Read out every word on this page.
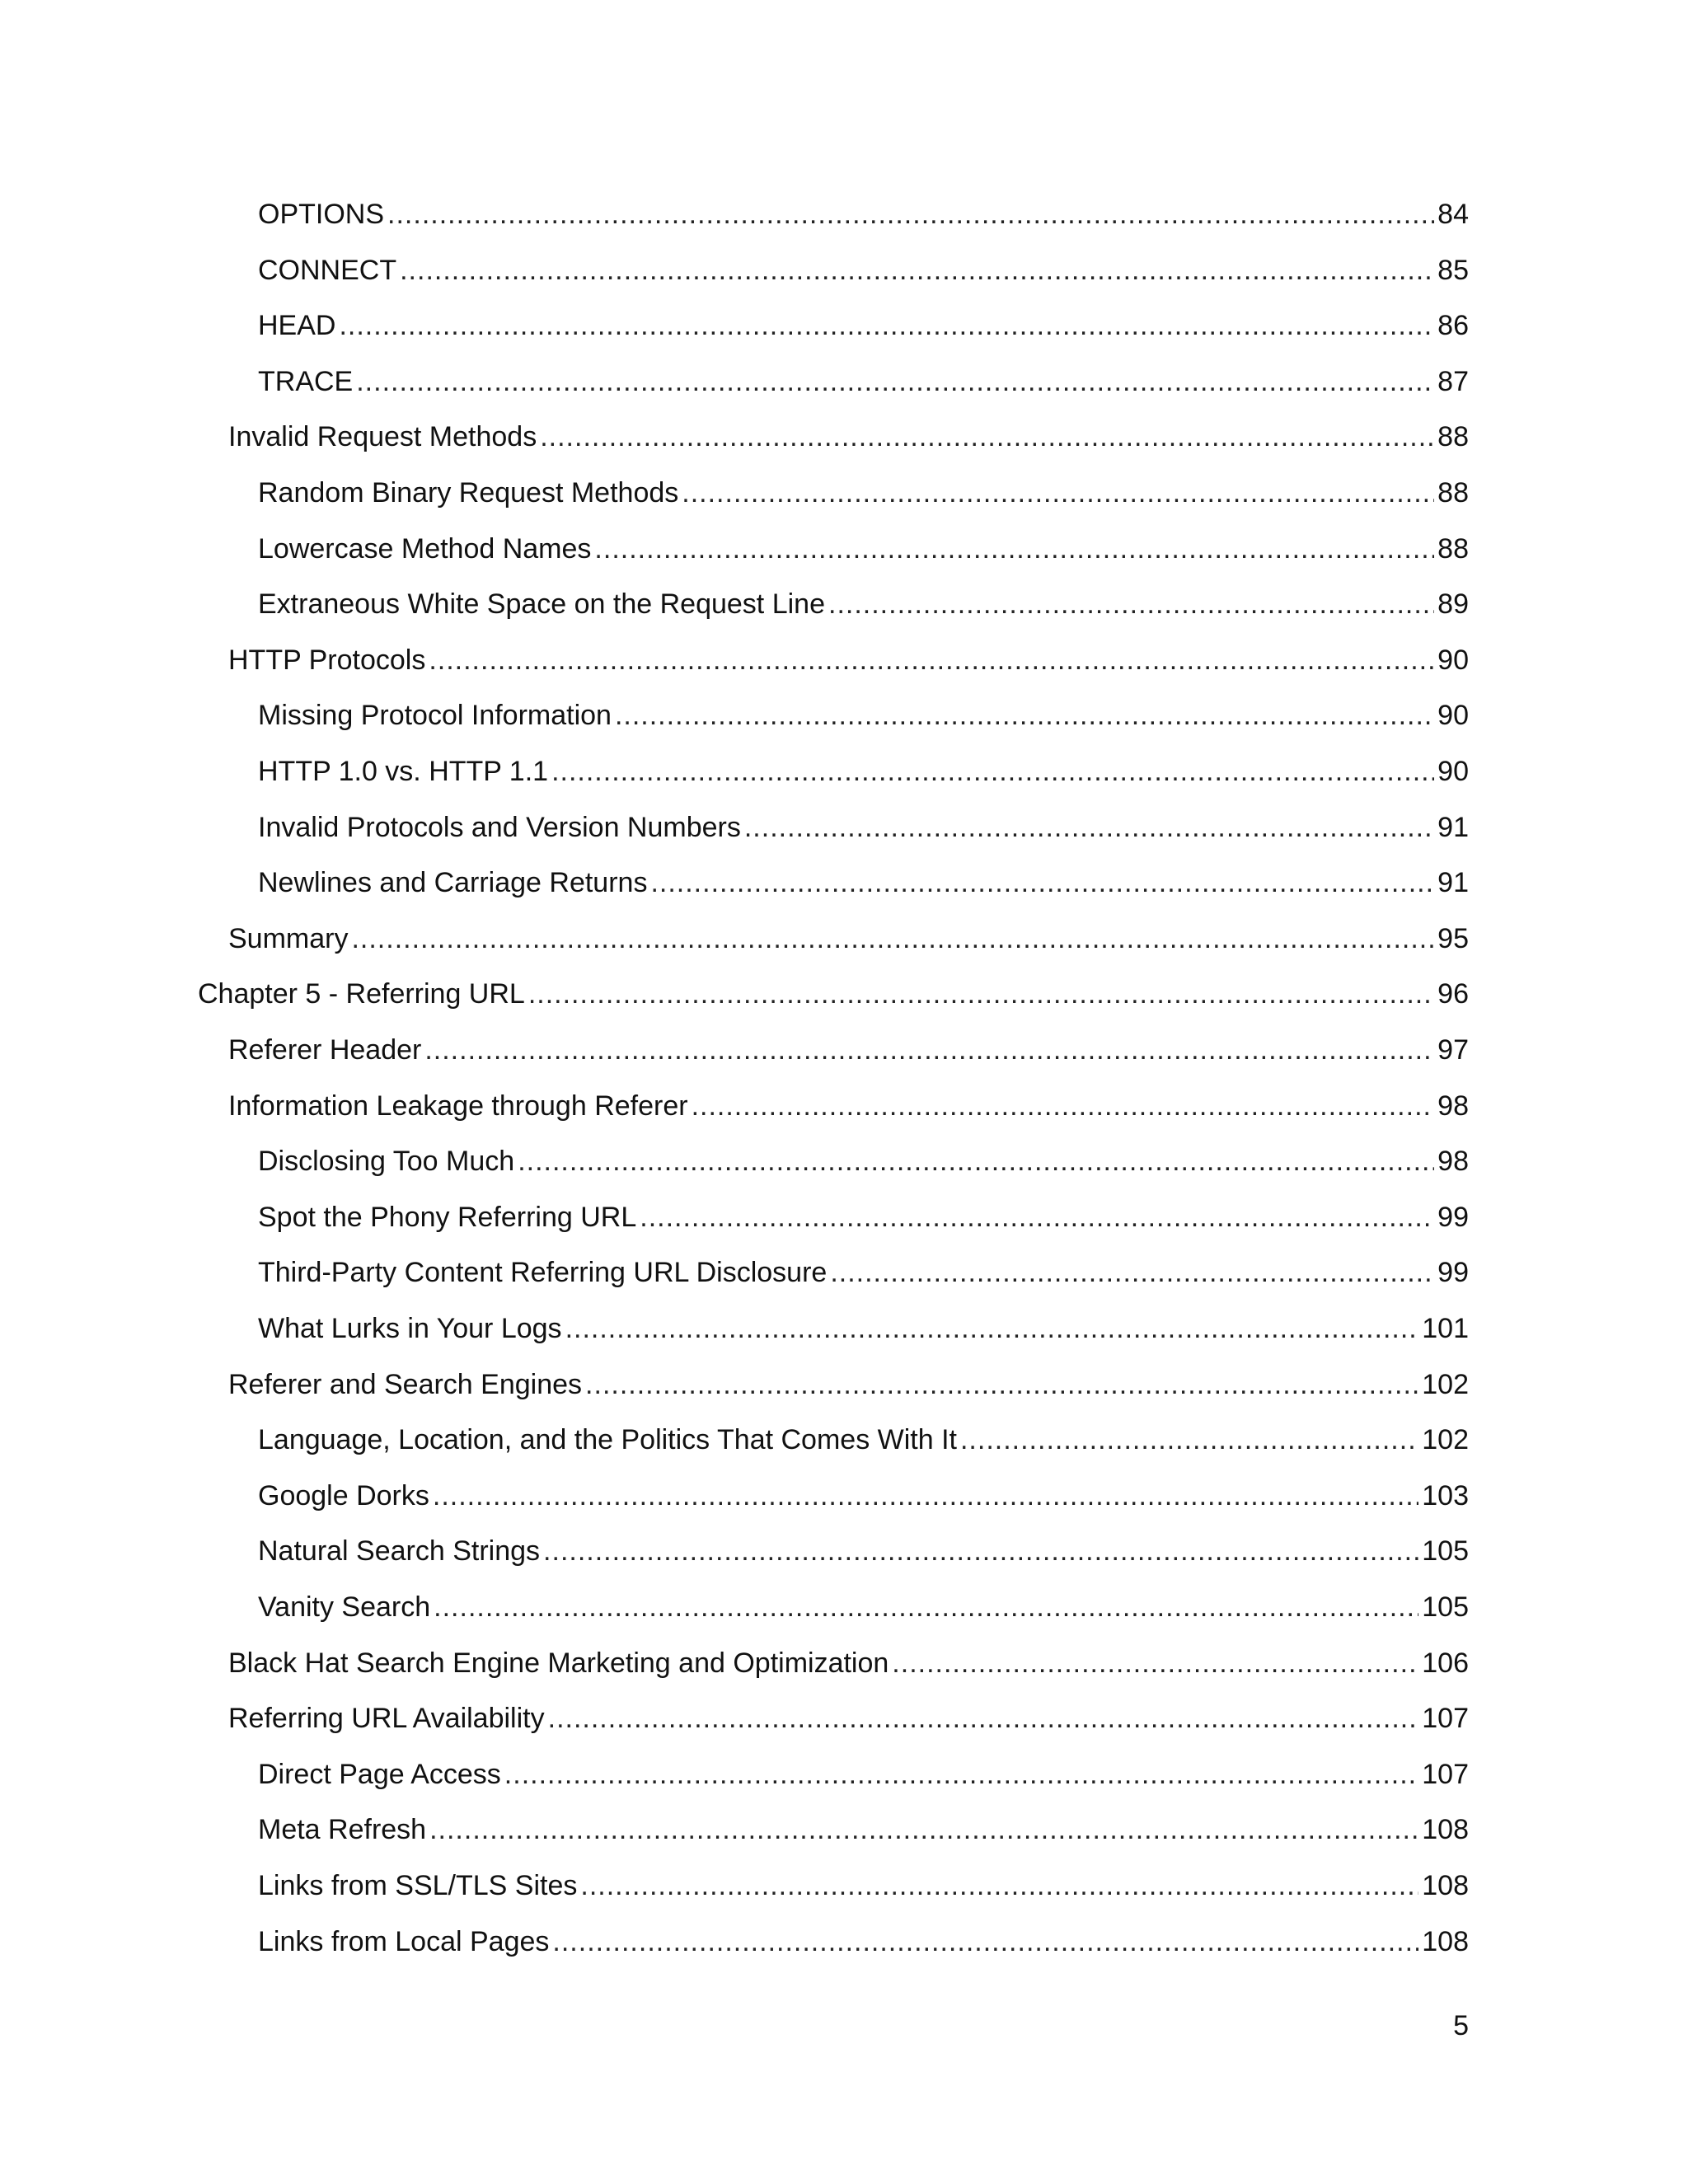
OPTIONS .....	84
CONNECT .....	85
HEAD .....	86
TRACE .....	87
Invalid Request Methods .....	88
Random Binary Request Methods .....	88
Lowercase Method Names .....	88
Extraneous White Space on the Request Line .....	89
HTTP Protocols .....	90
Missing Protocol Information .....	90
HTTP 1.0 vs. HTTP 1.1 .....	90
Invalid Protocols and Version Numbers .....	91
Newlines and Carriage Returns .....	91
Summary .....	95
Chapter 5 - Referring URL .....	96
Referer Header .....	97
Information Leakage through Referer .....	98
Disclosing Too Much .....	98
Spot the Phony Referring URL .....	99
Third-Party Content Referring URL Disclosure .....	99
What Lurks in Your Logs .....	101
Referer and Search Engines .....	102
Language, Location, and the Politics That Comes With It .....	102
Google Dorks .....	103
Natural Search Strings .....	105
Vanity Search .....	105
Black Hat Search Engine Marketing and Optimization .....	106
Referring URL Availability .....	107
Direct Page Access .....	107
Meta Refresh .....	108
Links from SSL/TLS Sites .....	108
Links from Local Pages .....	108
5
